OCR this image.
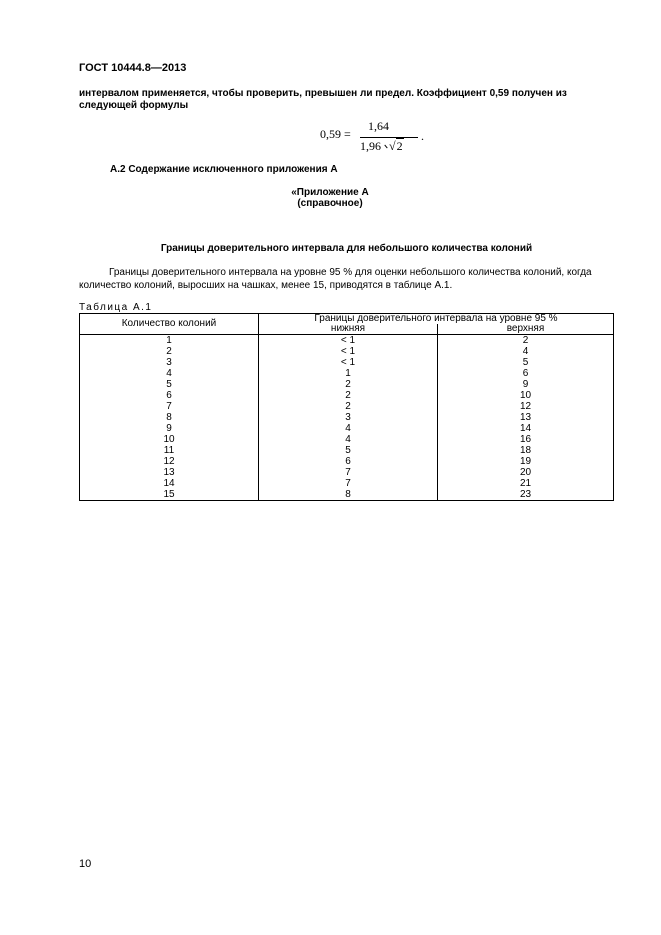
ГОСТ 10444.8—2013
интервалом применяется, чтобы проверить, превышен ли предел. Коэффициент 0,59 получен из следующей формулы
0,59 =
1,64
1,96 √2
.
А.2 Содержание исключенного приложения А
«Приложение А
(справочное)
Границы доверительного интервала для небольшого количества колоний
Границы доверительного интервала на уровне 95 % для оценки небольшого количества колоний, когда количество колоний, выросших на чашках, менее 15, приводятся в таблице А.1.
Таблица А.1
Количество колоний	Границы доверительного интервала на уровне 95 %	
	нижняя	верхняя
1	< 1	2
2	< 1	4
3	< 1	5
4	1	6
5	2	9
6	2	10
7	2	12
8	3	13
9	4	14
10	4	16
11	5	18
12	6	19
13	7	20
14	7	21
15	8	23
10
